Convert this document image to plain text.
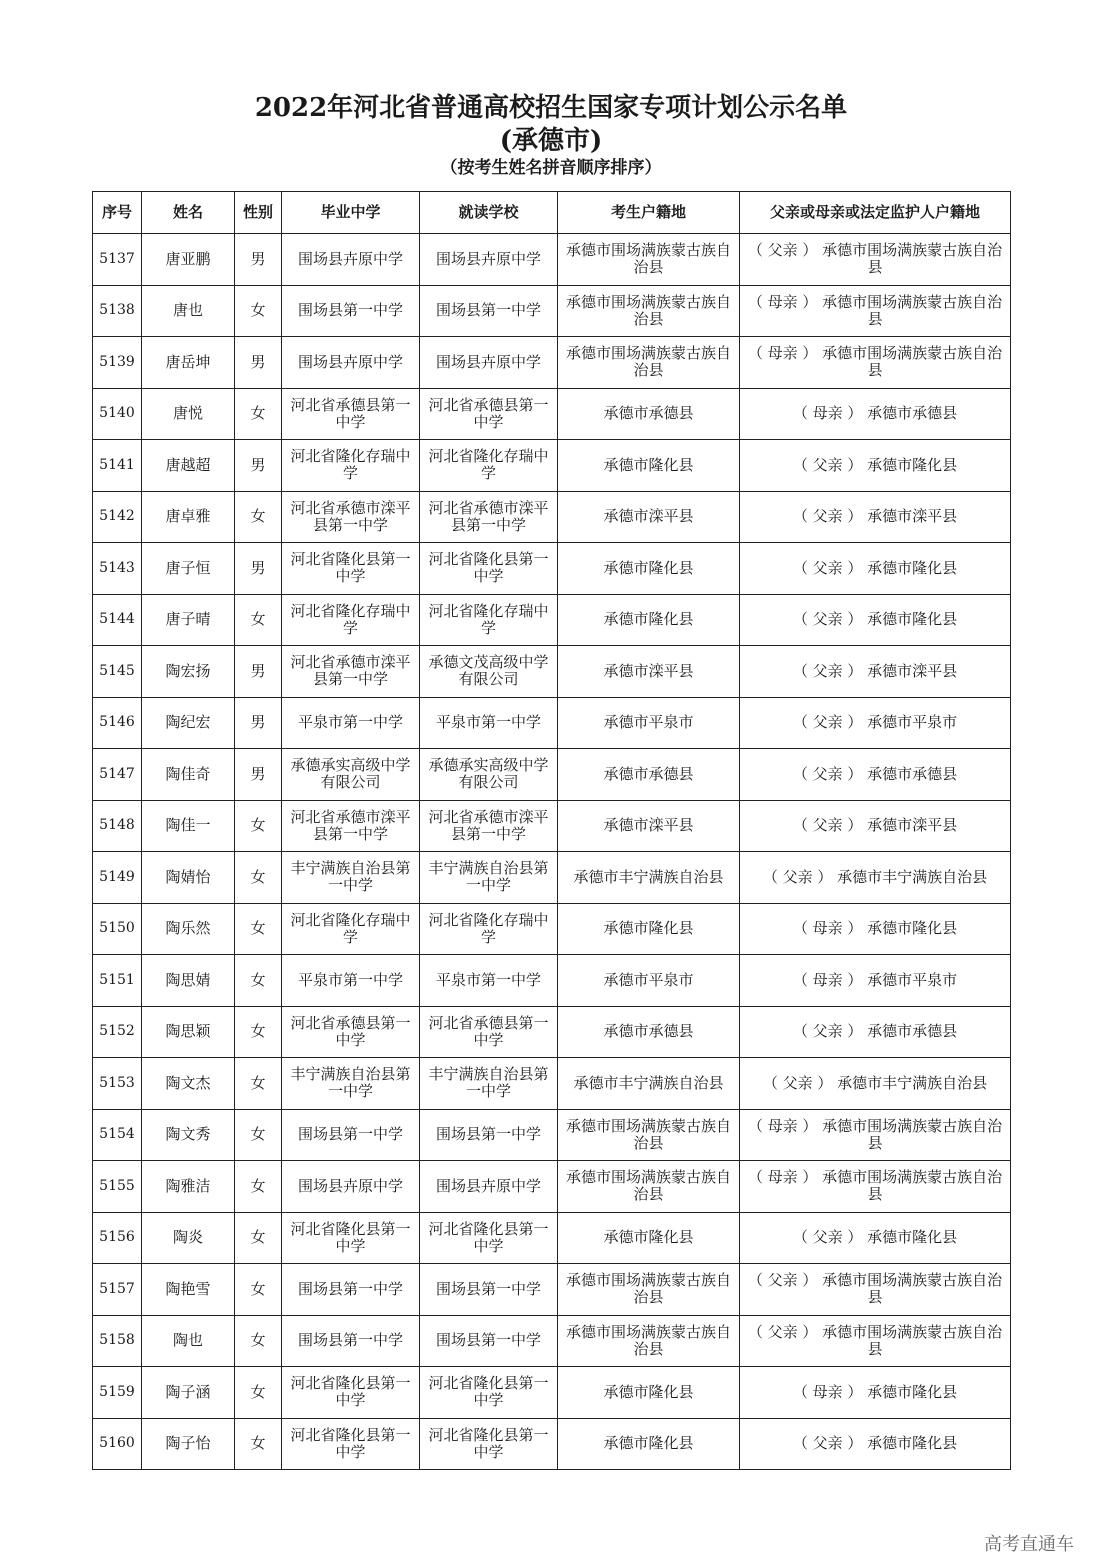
2022年河北省普通高校招生国家专项计划公示名单
(承德市)
（按考生姓名拼音顺序排序）
序号	姓名	性别	毕业中学	就读学校	考生户籍地	父亲或母亲或法定监护人户籍地
5137	唐亚鹏	男	围场县卉原中学	围场县卉原中学	承德市围场满族蒙古族自治县	（ 父亲 ） 承德市围场满族蒙古族自治县
5138	唐也	女	围场县第一中学	围场县第一中学	承德市围场满族蒙古族自治县	（ 母亲 ） 承德市围场满族蒙古族自治县
5139	唐岳坤	男	围场县卉原中学	围场县卉原中学	承德市围场满族蒙古族自治县	（ 母亲 ） 承德市围场满族蒙古族自治县
5140	唐悦	女	河北省承德县第一中学	河北省承德县第一中学	承德市承德县	（ 母亲 ） 承德市承德县
5141	唐越超	男	河北省隆化存瑞中学	河北省隆化存瑞中学	承德市隆化县	（ 父亲 ） 承德市隆化县
5142	唐卓雅	女	河北省承德市滦平县第一中学	河北省承德市滦平县第一中学	承德市滦平县	（ 父亲 ） 承德市滦平县
5143	唐子恒	男	河北省隆化县第一中学	河北省隆化县第一中学	承德市隆化县	（ 父亲 ） 承德市隆化县
5144	唐子晴	女	河北省隆化存瑞中学	河北省隆化存瑞中学	承德市隆化县	（ 父亲 ） 承德市隆化县
5145	陶宏扬	男	河北省承德市滦平县第一中学	承德文茂高级中学有限公司	承德市滦平县	（ 父亲 ） 承德市滦平县
5146	陶纪宏	男	平泉市第一中学	平泉市第一中学	承德市平泉市	（ 父亲 ） 承德市平泉市
5147	陶佳奇	男	承德承实高级中学有限公司	承德承实高级中学有限公司	承德市承德县	（ 父亲 ） 承德市承德县
5148	陶佳一	女	河北省承德市滦平县第一中学	河北省承德市滦平县第一中学	承德市滦平县	（ 父亲 ） 承德市滦平县
5149	陶婧怡	女	丰宁满族自治县第一中学	丰宁满族自治县第一中学	承德市丰宁满族自治县	（ 父亲 ） 承德市丰宁满族自治县
5150	陶乐然	女	河北省隆化存瑞中学	河北省隆化存瑞中学	承德市隆化县	（ 母亲 ） 承德市隆化县
5151	陶思婧	女	平泉市第一中学	平泉市第一中学	承德市平泉市	（ 母亲 ） 承德市平泉市
5152	陶思颖	女	河北省承德县第一中学	河北省承德县第一中学	承德市承德县	（ 父亲 ） 承德市承德县
5153	陶文杰	女	丰宁满族自治县第一中学	丰宁满族自治县第一中学	承德市丰宁满族自治县	（ 父亲 ） 承德市丰宁满族自治县
5154	陶文秀	女	围场县第一中学	围场县第一中学	承德市围场满族蒙古族自治县	（ 母亲 ） 承德市围场满族蒙古族自治县
5155	陶雅洁	女	围场县卉原中学	围场县卉原中学	承德市围场满族蒙古族自治县	（ 母亲 ） 承德市围场满族蒙古族自治县
5156	陶炎	女	河北省隆化县第一中学	河北省隆化县第一中学	承德市隆化县	（ 父亲 ） 承德市隆化县
5157	陶艳雪	女	围场县第一中学	围场县第一中学	承德市围场满族蒙古族自治县	（ 父亲 ） 承德市围场满族蒙古族自治县
5158	陶也	女	围场县第一中学	围场县第一中学	承德市围场满族蒙古族自治县	（ 父亲 ） 承德市围场满族蒙古族自治县
5159	陶子涵	女	河北省隆化县第一中学	河北省隆化县第一中学	承德市隆化县	（ 母亲 ） 承德市隆化县
5160	陶子怡	女	河北省隆化县第一中学	河北省隆化县第一中学	承德市隆化县	（ 父亲 ） 承德市隆化县
高考直通车
